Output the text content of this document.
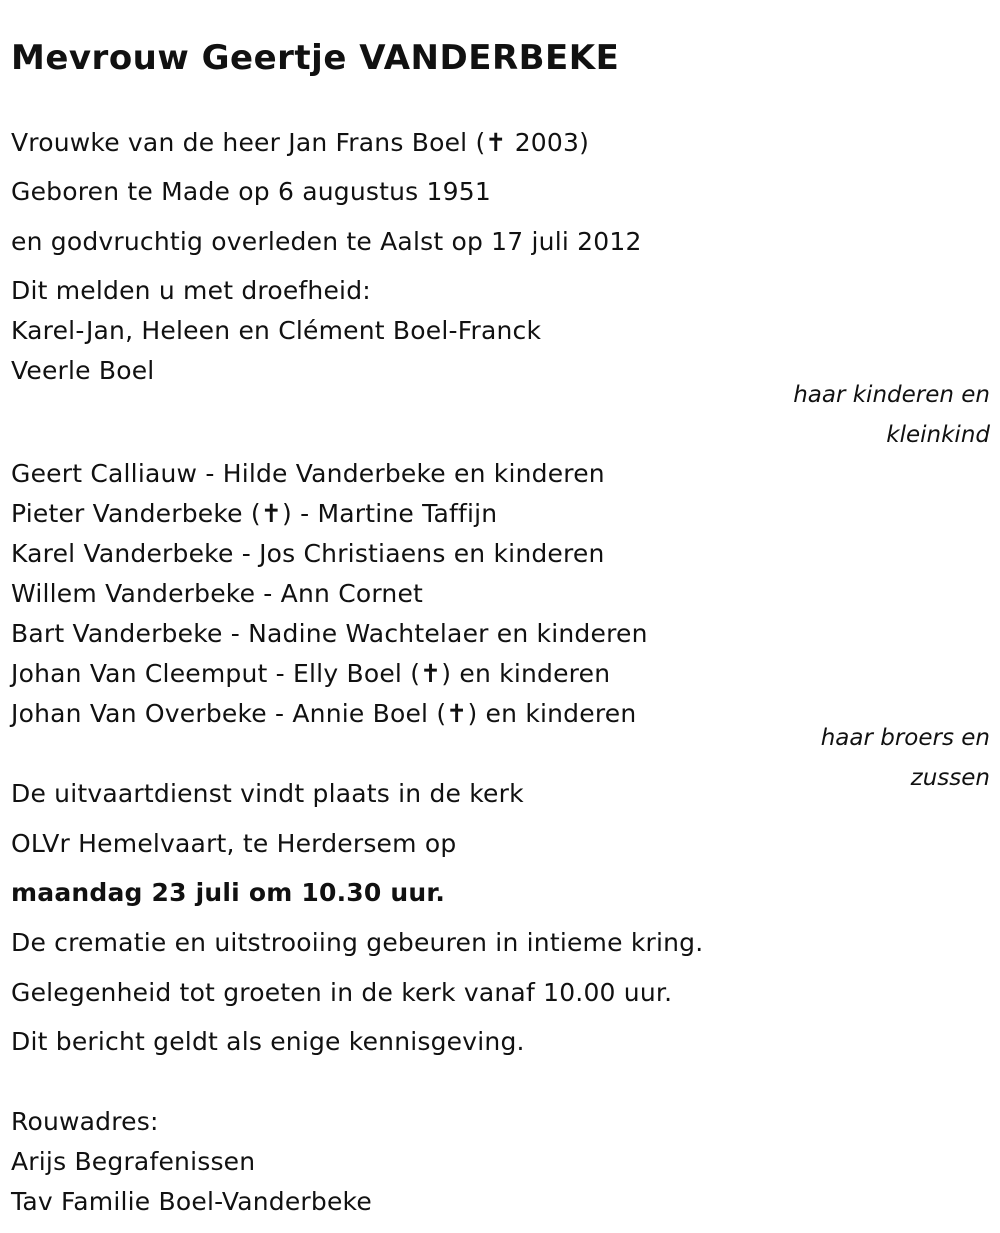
Mevrouw Geertje VANDERBEKE

Vrouwke van de heer Jan Frans Boel (✝ 2003)

Geboren te Made op 6 augustus 1951

en godvruchtig overleden te Aalst op 17 juli 2012

Dit melden u met droefheid:

Karel-Jan, Heleen en Clément Boel-Franck

Veerle Boel

haar kinderen en
kleinkind

Geert Calliauw - Hilde Vanderbeke en kinderen

Pieter Vanderbeke (✝) - Martine Taffijn

Karel Vanderbeke - Jos Christiaens en kinderen

Willem Vanderbeke - Ann Cornet

Bart Vanderbeke - Nadine Wachtelaer en kinderen

Johan Van Cleemput - Elly Boel (✝) en kinderen

Johan Van Overbeke - Annie Boel (✝) en kinderen

haar broers en
zussen

De uitvaartdienst vindt plaats in de kerk

OLVr Hemelvaart, te Herdersem op

maandag 23 juli om 10.30 uur.

De crematie en uitstrooiing gebeuren in intieme kring.

Gelegenheid tot groeten in de kerk vanaf 10.00 uur.

Dit bericht geldt als enige kennisgeving.

Rouwadres:

Arijs Begrafenissen

Tav Familie Boel-Vanderbeke
